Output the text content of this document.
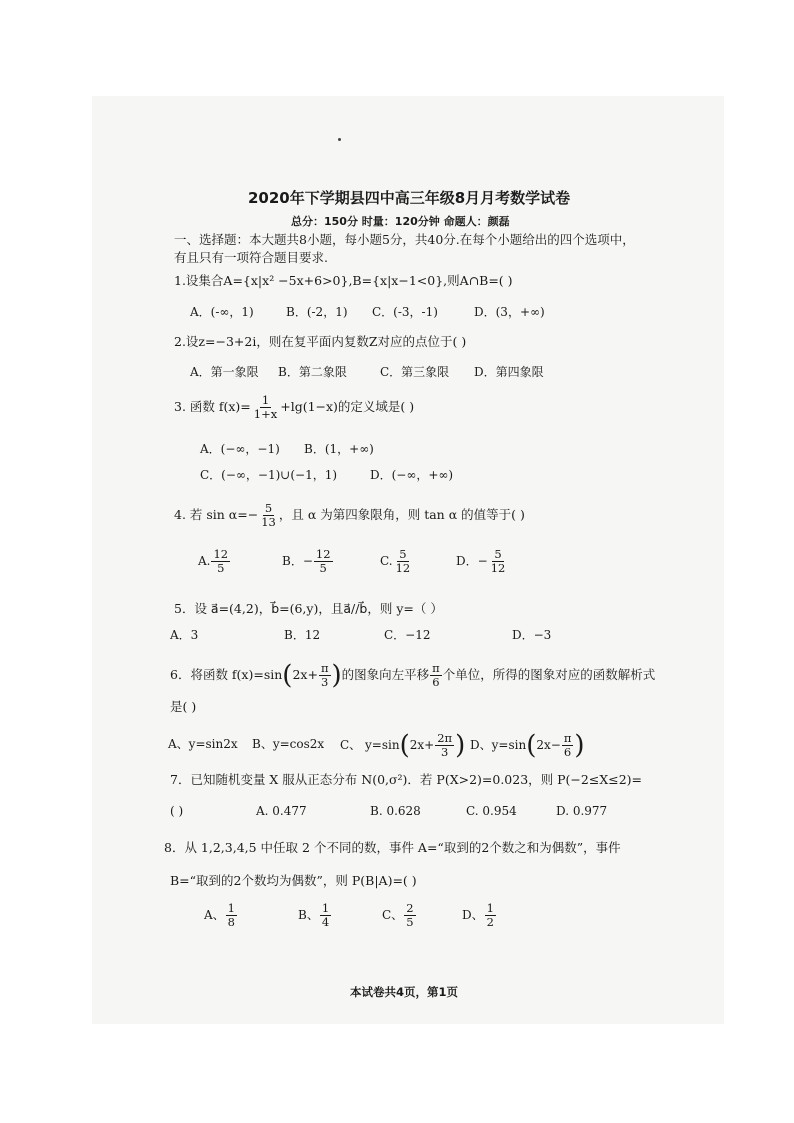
2020年下学期县四中高三年级8月月考数学试卷
总分：150分 时量：120分钟 命题人：颜磊
一、选择题：本大题共8小题，每小题5分，共40分.在每个小题给出的四个选项中，
有且只有一项符合题目要求.
1.设集合A={x|x² −5x+6>0},B={x|x−1<0},则A∩B=( )
A．(-∞，1)	B．(-2，1) C．(-3，-1)	D．(3，+∞)
2.设z=−3+2i，则在复平面内复数Z对应的点位于( )
A．第一象限 B．第二象限	C．第三象限 D．第四象限
3. 函数 $f(x)= \frac{1}{1+x} +\lg(1-x)$的定义域是( )
A．(−∞，−1) B．(1，+∞)
C．(−∞，−1)∪(−1，1)	D．(−∞，+∞)
4. 若 $\sin \alpha=- \frac{5}{13}$ ，且 α 为第四象限角，则 tan α 的值等于( )
A. $\frac{12}{5}$	B．− $\frac{12}{5}$	C. $\frac{5}{12}$	D．− $\frac{5}{12}$
5．设 a⃗=(4,2)，b⃗=(6,y)，且a⃗//b⃗，则 y=（ ）
A．3	B．12	C．−12	D．−3
6．将函数 $f(x)=\sin(2x+ \frac{\pi}{3}$ )的图象向左平移 $\frac{\pi}{6}$ 个单位，所得的图象对应的函数解析式
是( )
A、y=sin2x B、y=cos2x C、 $y=\sin(2x+ \frac{2\pi}{3}$ ) D、$y=\sin(2x- \frac{\pi}{6}$ )
7．已知随机变量 X 服从正态分布 N(0,σ²)．若 P(X>2)=0.023，则 P(−2≤X≤2)=
( )	A. 0.477	B. 0.628	C. 0.954	D. 0.977
8．从 1,2,3,4,5 中任取 2 个不同的数，事件 A=“取到的2个数之和为偶数”，事件
B=“取到的2个数均为偶数”，则 P(B|A)=( )
A、 $\frac{1}{8}$	B、 $\frac{1}{4}$	C、 $\frac{2}{5}$	D、 $\frac{1}{2}$
本试卷共4页，第1页
